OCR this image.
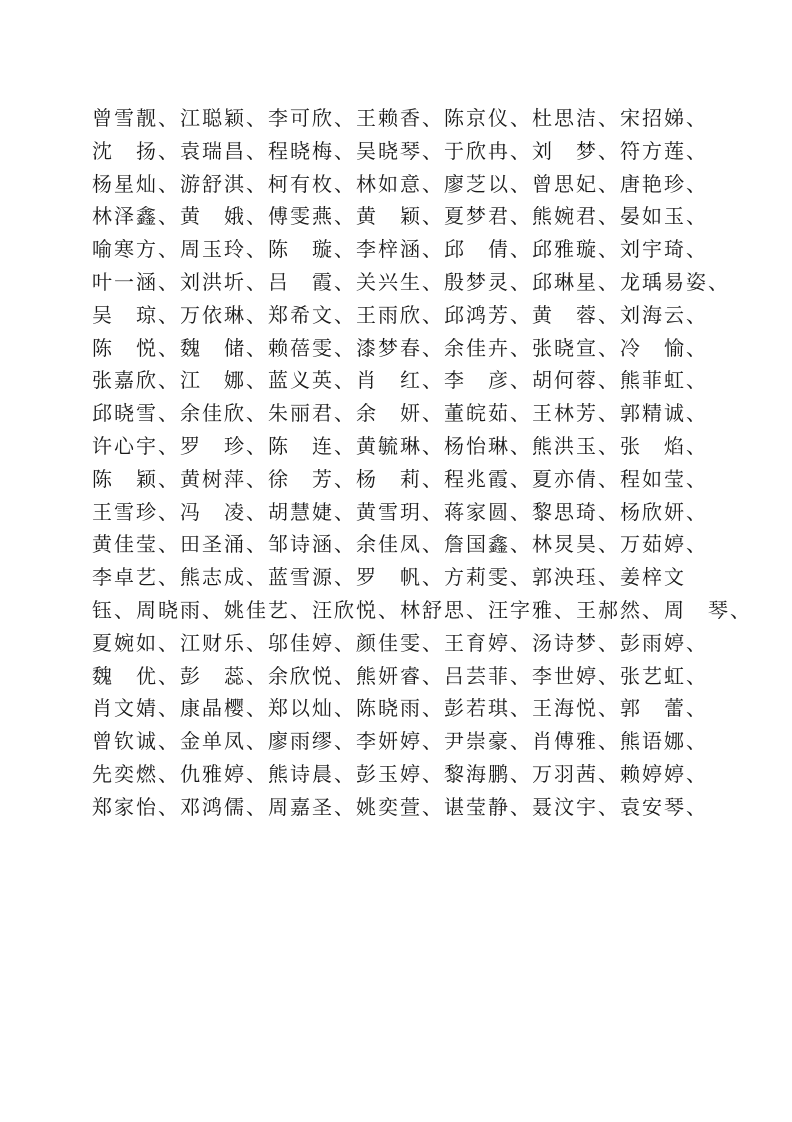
曾雪靓、江聪颖、李可欣、王赖香、陈京仪、杜思洁、宋招娣、
沈　扬、袁瑞昌、程晓梅、吴晓琴、于欣冉、刘　梦、符方莲、
杨星灿、游舒淇、柯有枚、林如意、廖芝以、曾思妃、唐艳珍、
林泽鑫、黄　娥、傅雯燕、黄　颖、夏梦君、熊婉君、晏如玉、
喻寒方、周玉玲、陈　璇、李梓涵、邱　倩、邱雅璇、刘宇琦、
叶一涵、刘洪圻、吕　霞、关兴生、殷梦灵、邱琳星、龙瑀易姿、
吴　琼、万依琳、郑希文、王雨欣、邱鸿芳、黄　蓉、刘海云、
陈　悦、魏　储、赖蓓雯、漆梦春、余佳卉、张晓宣、冷　愉、
张嘉欣、江　娜、蓝义英、肖　红、李　彦、胡何蓉、熊菲虹、
邱晓雪、余佳欣、朱丽君、余　妍、董皖茹、王林芳、郭精诚、
许心宇、罗　珍、陈　连、黄毓琳、杨怡琳、熊洪玉、张　焰、
陈　颖、黄树萍、徐　芳、杨　莉、程兆霞、夏亦倩、程如莹、
王雪珍、冯　凌、胡慧婕、黄雪玥、蒋家圆、黎思琦、杨欣妍、
黄佳莹、田圣涌、邹诗涵、余佳凤、詹国鑫、林炅昊、万茹婷、
李卓艺、熊志成、蓝雪源、罗　帆、方莉雯、郭泱珏、姜梓文
钰、周晓雨、姚佳艺、汪欣悦、林舒思、汪字雅、王郝然、周　琴、
夏婉如、江财乐、邬佳婷、颜佳雯、王育婷、汤诗梦、彭雨婷、
魏　优、彭　蕊、余欣悦、熊妍睿、吕芸菲、李世婷、张艺虹、
肖文婧、康晶樱、郑以灿、陈晓雨、彭若琪、王海悦、郭　蕾、
曾钦诚、金单凤、廖雨缪、李妍婷、尹崇豪、肖傅雅、熊语娜、
先奕燃、仇雅婷、熊诗晨、彭玉婷、黎海鹏、万羽茜、赖婷婷、
郑家怡、邓鸿儒、周嘉圣、姚奕萱、谌莹静、聂汶宇、袁安琴、
